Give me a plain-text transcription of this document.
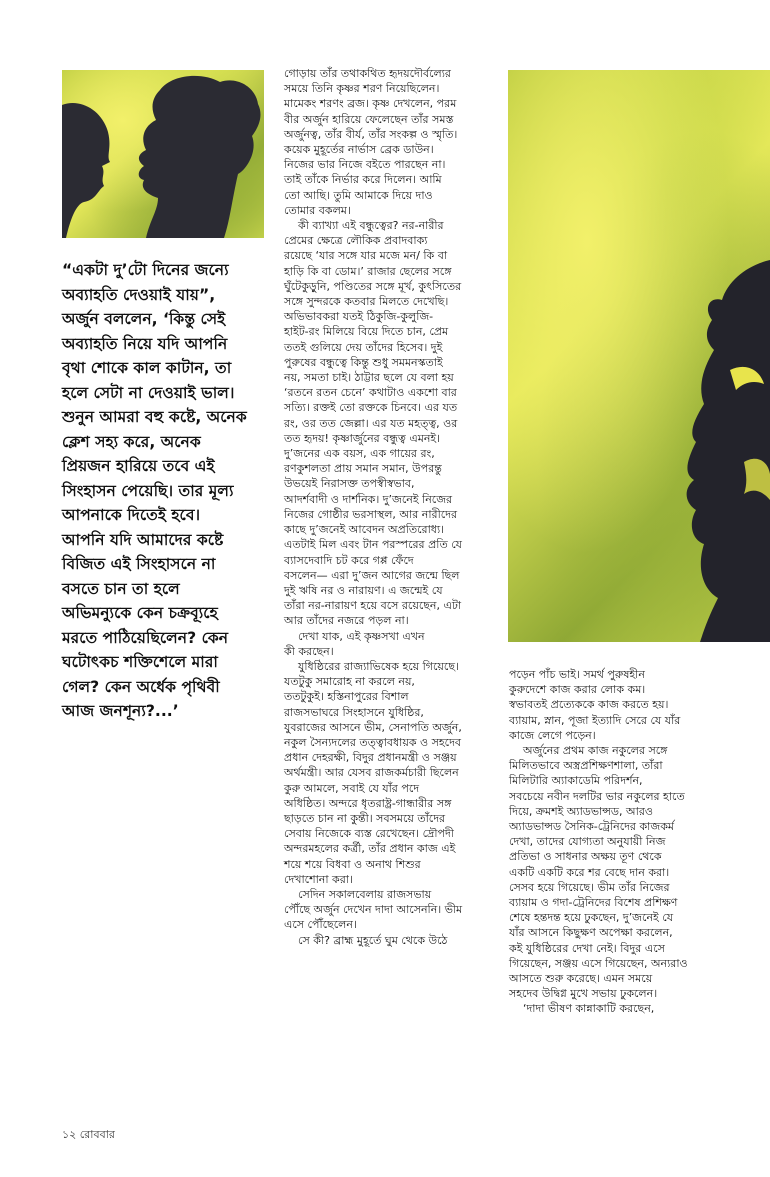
“একটা দু’টো দিনের জন্যে
অব্যাহতি দেওয়াই যায়”,
অর্জুন বললেন, ‘কিন্তু সেই
অব্যাহতি নিয়ে যদি আপনি
বৃথা শোকে কাল কাটান, তা
হলে সেটা না দেওয়াই ভাল।
শুনুন আমরা বহু কষ্টে, অনেক
ক্লেশ সহ্য করে, অনেক
প্রিয়জন হারিয়ে তবে এই
সিংহাসন পেয়েছি। তার মূল্য
আপনাকে দিতেই হবে।
আপনি যদি আমাদের কষ্টে
বিজিত এই সিংহাসনে না
বসতে চান তা হলে
অভিমন্যুকে কেন চক্রব্যূহে
মরতে পাঠিয়েছিলেন? কেন
ঘটোৎকচ শক্তিশেলে মারা
গেল? কেন অর্ধেক পৃথিবী
আজ জনশূন্য?...’
গোড়ায় তাঁর তথাকথিত হৃদয়দৌর্বল্যের
সময়ে তিনি কৃষ্ণর শরণ নিয়েছিলেন।
মামেকং শরণং ব্রজ। কৃষ্ণ দেখলেন, পরম
বীর অর্জুন হারিয়ে ফেলেছেন তাঁর সমস্ত
অর্জুনত্ব, তাঁর বীর্য, তাঁর সংকল্প ও স্মৃতি।
কয়েক মুহূর্তের নার্ভাস ব্রেক ডাউন।
নিজের ভার নিজে বইতে পারছেন না।
তাই তাঁকে নির্ভার করে দিলেন। আমি
তো আছি। তুমি আমাকে দিয়ে দাও
তোমার বকলম।
কী ব্যাখ্যা এই বন্ধুত্বের? নর-নারীর
প্রেমের ক্ষেত্রে লৌকিক প্রবাদবাক্য
রয়েছে ‘যার সঙ্গে যার মজে মন/ কি বা
হাড়ি কি বা ডোম।’ রাজার ছেলের সঙ্গে
ঘুঁটেকুড়ুনি, পণ্ডিতের সঙ্গে মূর্খ, কুৎসিতের
সঙ্গে সুন্দরকে কতবার মিলতে দেখেছি।
অভিভাবকরা যতই ঠিকুজি-কুলুজি-
হাইট-রং মিলিয়ে বিয়ে দিতে চান, প্রেম
ততই গুলিয়ে দেয় তাঁদের হিসেব। দুই
পুরুষের বন্ধুত্বে কিন্তু শুধু সমমনস্কতাই
নয়, সমতা চাই। ঠাট্টার ছলে যে বলা হয়
‘রতনে রতন চেনে’ কথাটাও একশো বার
সত্যি। রক্তই তো রক্তকে চিনবে। এর যত
রং, ওর তত জেল্লা। এর যত মহত্ত্ব, ওর
তত হৃদয়! কৃষ্ণার্জুনের বন্ধুত্ব এমনই।
দু’জনের এক বয়স, এক গায়ের রং,
রণকুশলতা প্রায় সমান সমান, উপরন্তু
উভয়েই নিরাসক্ত তপস্বীস্বভাব,
আদর্শবাদী ও দার্শনিক। দু’জনেই নিজের
নিজের গোষ্ঠীর ভরসাস্থল, আর নারীদের
কাছে দু’জনেই আবেদন অপ্রতিরোধ্য।
এতটাই মিল এবং টান পরস্পরের প্রতি যে
ব্যাসদেবাদি চট করে গপ্প ফেঁদে
বসলেন— এরা দু’জন আগের জন্মে ছিল
দুই ঋষি নর ও নারায়ণ। এ জন্মেই যে
তাঁরা নর-নারায়ণ হয়ে বসে রয়েছেন, এটা
আর তাঁদের নজরে পড়ল না।
দেখা যাক, এই কৃষ্ণসখা এখন
কী করছেন।
যুধিষ্ঠিরের রাজ্যাভিষেক হয়ে গিয়েছে।
যতটুকু সমারোহ না করলে নয়,
ততটুকুই। হস্তিনাপুরের বিশাল
রাজসভাঘরে সিংহাসনে যুধিষ্ঠির,
যুবরাজের আসনে ভীম, সেনাপতি অর্জুন,
নকুল সৈন্যদলের তত্ত্বাবধায়ক ও সহদেব
প্রধান দেহরক্ষী, বিদুর প্রধানমন্ত্রী ও সঞ্জয়
অর্থমন্ত্রী। আর যেসব রাজকর্মচারী ছিলেন
কুরু আমলে, সবাই যে যাঁর পদে
অধিষ্ঠিত। অন্দরে ধৃতরাষ্ট্র-গান্ধারীর সঙ্গ
ছাড়তে চান না কুন্তী। সবসময়ে তাঁদের
সেবায় নিজেকে ব্যস্ত রেখেছেন। দ্রৌপদী
অন্দরমহলের কর্ত্রী, তাঁর প্রধান কাজ এই
শয়ে শয়ে বিধবা ও অনাথ শিশুর
দেখাশোনা করা।
সেদিন সকালবেলায় রাজসভায়
পৌঁছে অর্জুন দেখেন দাদা আসেননি। ভীম
এসে পৌঁছেলেন।
সে কী? ব্রাহ্ম মুহূর্তে ঘুম থেকে উঠে
পড়েন পাঁচ ভাই। সমর্থ পুরুষহীন
কুরুদেশে কাজ করার লোক কম।
স্বভাবতই প্রত্যেককে কাজ করতে হয়।
ব্যায়াম, স্নান, পূজা ইত্যাদি সেরে যে যাঁর
কাজে লেগে পড়েন।
অর্জুনের প্রথম কাজ নকুলের সঙ্গে
মিলিতভাবে অস্ত্রপ্রশিক্ষণশালা, তাঁরা
মিলিটারি অ্যাকাডেমি পরিদর্শন,
সবচেয়ে নবীন দলটির ভার নকুলের হাতে
দিয়ে, ক্রমশই অ্যাডভান্সড, আরও
অ্যাডভান্সড সৈনিক-ট্রেনিদের কাজকর্ম
দেখা, তাদের যোগ্যতা অনুযায়ী নিজ
প্রতিভা ও সাধনার অক্ষয় তূণ থেকে
একটি একটি করে শর বেছে দান করা।
সেসব হয়ে গিয়েছে। ভীম তাঁর নিজের
ব্যায়াম ও গদা-ট্রেনিদের বিশেষ প্রশিক্ষণ
শেষে হন্তদন্ত হয়ে ঢুকছেন, দু’জনেই যে
যাঁর আসনে কিছুক্ষণ অপেক্ষা করলেন,
কই যুধিষ্ঠিরের দেখা নেই। বিদুর এসে
গিয়েছেন, সঞ্জয় এসে গিয়েছেন, অন্যরাও
আসতে শুরু করেছে। এমন সময়ে
সহদেব উদ্বিগ্ন মুখে সভায় ঢুকলেন।
‘দাদা ভীষণ কান্নাকাটি করছেন,
১২ রোববার
